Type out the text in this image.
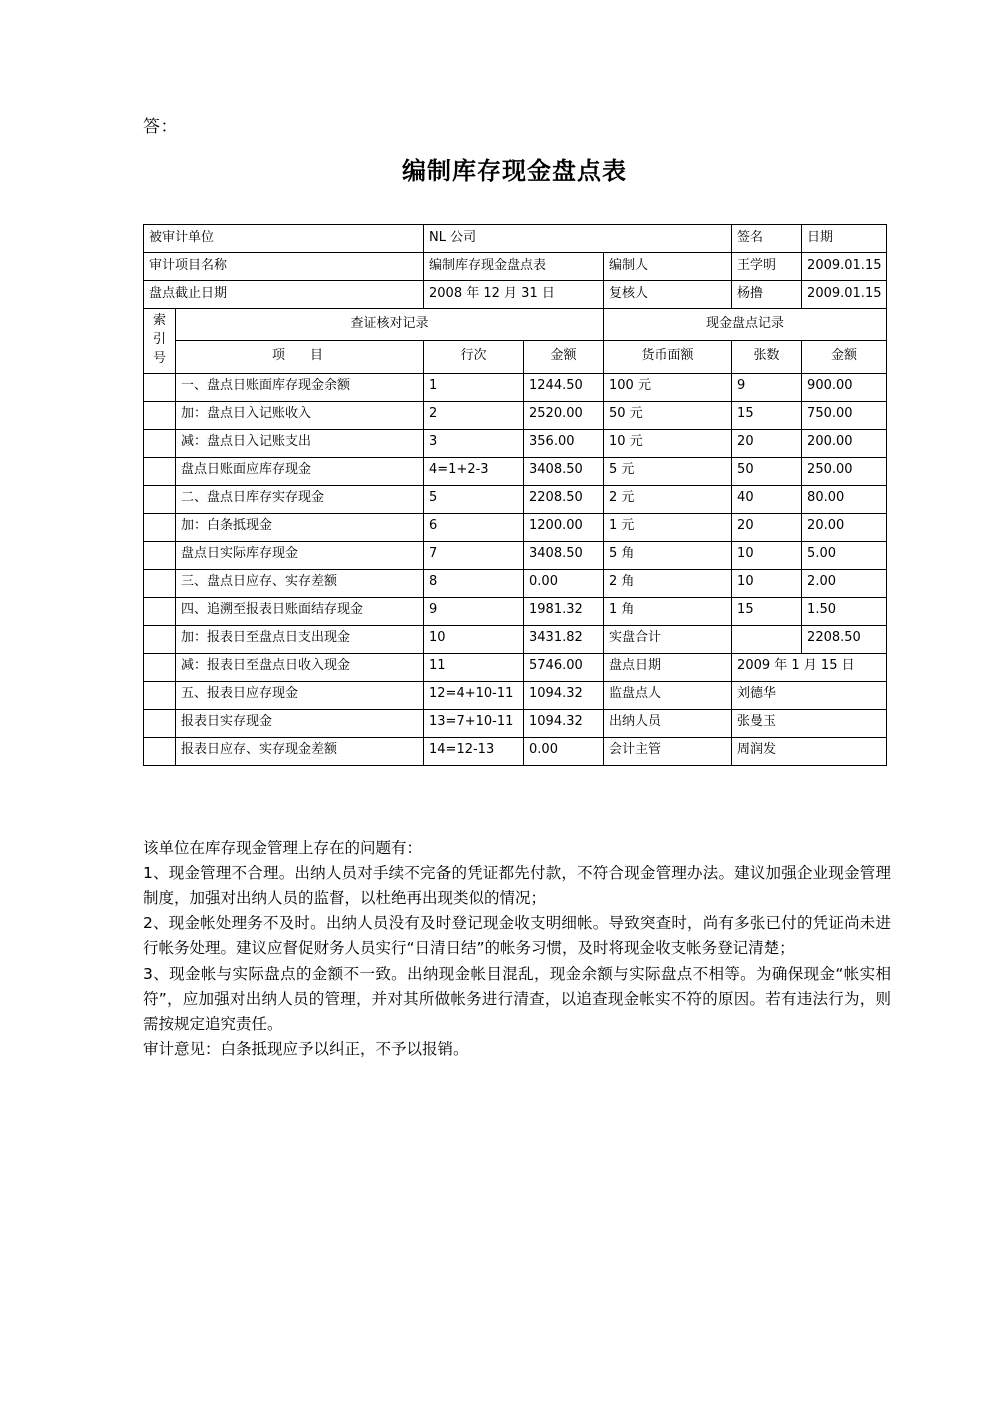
答：
编制库存现金盘点表
被审计单位		NL 公司			签名	日期
审计项目名称		编制库存现金盘点表		编制人	王学明	2009.01.15
盘点截止日期		2008 年 12 月 31 日		复核人	杨撸	2009.01.15

索
引
号	查证核对记录			现金盘点记录		
	项　目	行次	金额	货币面额	张数	金额
	一、盘点日账面库存现金余额	1	1244.50	100 元	9	900.00
	加：盘点日入记账收入	2	2520.00	50 元	15	750.00
	减：盘点日入记账支出	3	356.00	10 元	20	200.00
	盘点日账面应库存现金	4=1+2-3	3408.50	5 元	50	250.00
	二、盘点日库存实存现金	5	2208.50	2 元	40	80.00
	加：白条抵现金	6	1200.00	1 元	20	20.00
	盘点日实际库存现金	7	3408.50	5 角	10	5.00
	三、盘点日应存、实存差额	8	0.00	2 角	10	2.00
	四、追溯至报表日账面结存现金	9	1981.32	1 角	15	1.50
	加：报表日至盘点日支出现金	10	3431.82	实盘合计		2208.50
	减：报表日至盘点日收入现金	11	5746.00	盘点日期	2009 年 1 月 15 日	
	五、报表日应存现金	12=4+10-11	1094.32	监盘点人	刘德华	
	报表日实存现金	13=7+10-11	1094.32	出纳人员	张曼玉	
	报表日应存、实存现金差额	14=12-13	0.00	会计主管	周润发	

该单位在库存现金管理上存在的问题有：

1、现金管理不合理。出纳人员对手续不完备的凭证都先付款，不符合现金管理办法。建议加强企业现金管理制度，加强对出纳人员的监督，以杜绝再出现类似的情况；

2、现金帐处理务不及时。出纳人员没有及时登记现金收支明细帐。导致突查时，尚有多张已付的凭证尚未进行帐务处理。建议应督促财务人员实行“日清日结”的帐务习惯，及时将现金收支帐务登记清楚；

3、现金帐与实际盘点的金额不一致。出纳现金帐目混乱，现金余额与实际盘点不相等。为确保现金“帐实相符”，应加强对出纳人员的管理，并对其所做帐务进行清查，以追查现金帐实不符的原因。若有违法行为，则需按规定追究责任。

审计意见：白条抵现应予以纠正，不予以报销。
